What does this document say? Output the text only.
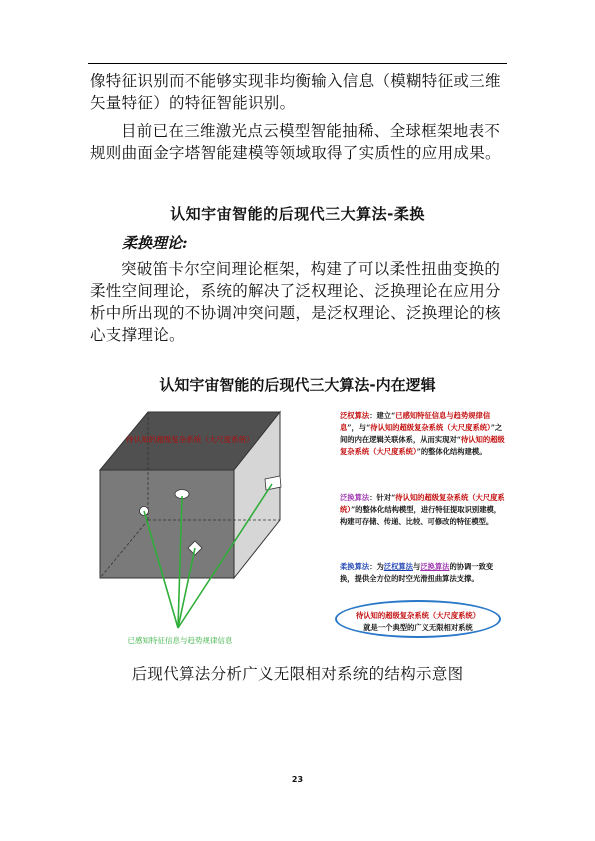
像特征识别而不能够实现非均衡输入信息（模糊特征或三维矢量特征）的特征智能识别。

目前已在三维激光点云模型智能抽稀、全球框架地表不规则曲面金字塔智能建模等领域取得了实质性的应用成果。

认知宇宙智能的后现代三大算法-柔换
柔换理论:

突破笛卡尔空间理论框架，构建了可以柔性扭曲变换的柔性空间理论，系统的解决了泛权理论、泛换理论在应用分析中所出现的不协调冲突问题，是泛权理论、泛换理论的核心支撑理论。

认知宇宙智能的后现代三大算法-内在逻辑
待认知的超级复杂系统（大尺度系统）
已感知特征信息与趋势规律信息
泛权算法：建立“已感知特征信息与趋势规律信息”，与“待认知的超级复杂系统（大尺度系统）”之间的内在逻辑关联体系，从而实现对“待认知的超级复杂系统（大尺度系统）”的整体化结构建模。
泛换算法：针对“待认知的超级复杂系统（大尺度系统）”的整体化结构模型，进行特征提取识别建模，构建可存储、传递、比较、可修改的特征模型。
柔换算法：为泛权算法与泛换算法的协调一致变换，提供全方位的时空光滑扭曲算法支撑。
待认知的超级复杂系统（大尺度系统）
就是一个典型的广义无限相对系统
后现代算法分析广义无限相对系统的结构示意图
23
